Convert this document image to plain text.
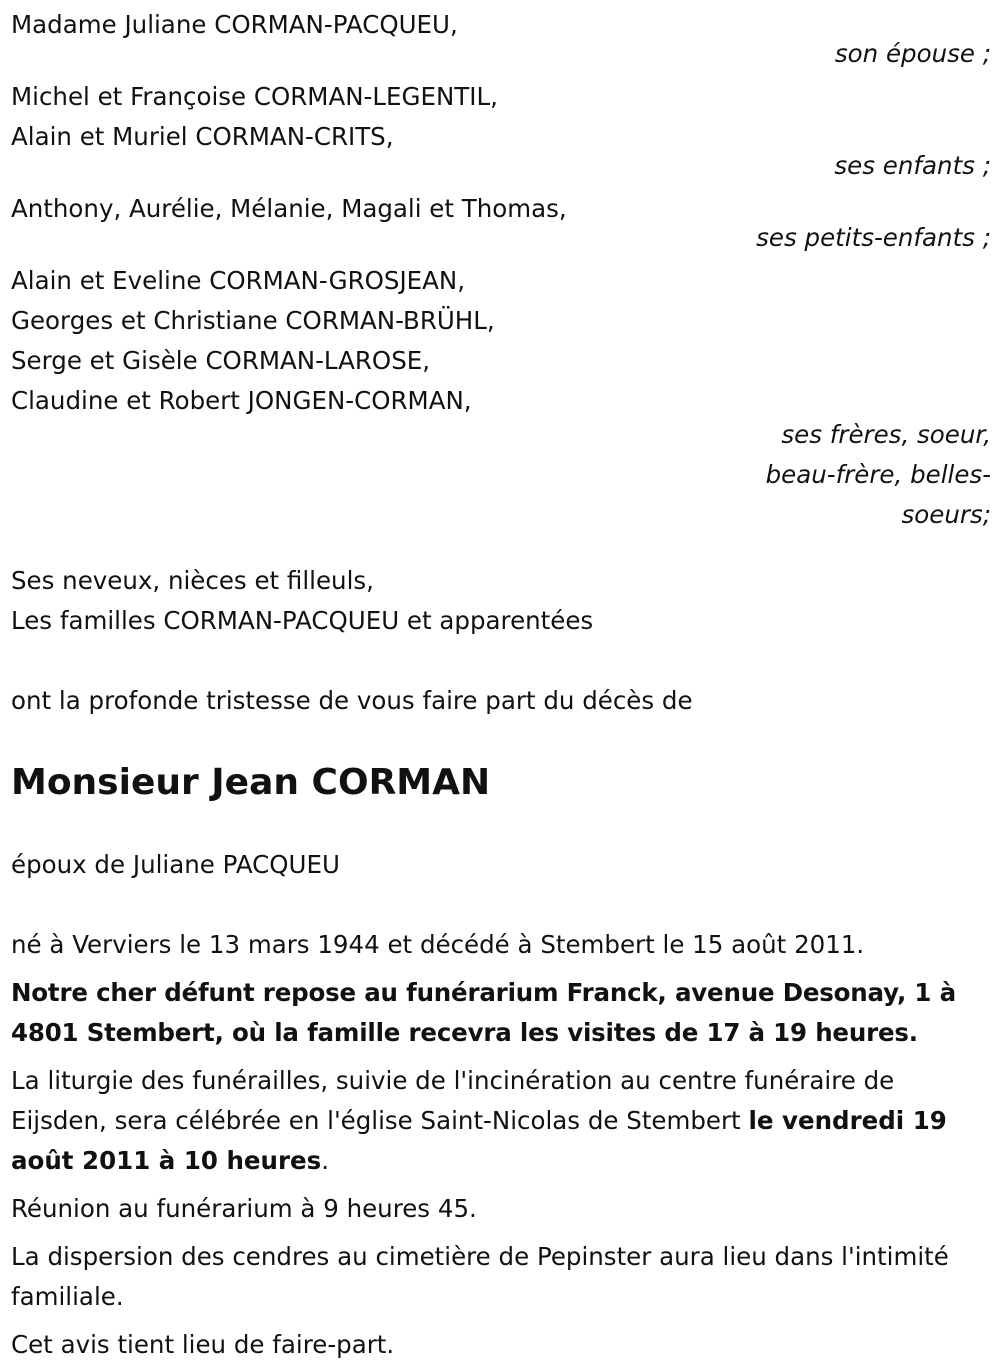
Madame Juliane CORMAN-PACQUEU,
son épouse ;
Michel et Françoise CORMAN-LEGENTIL,
Alain et Muriel CORMAN-CRITS,
ses enfants ;
Anthony, Aurélie, Mélanie, Magali et Thomas,
ses petits-enfants ;
Alain et Eveline CORMAN-GROSJEAN,
Georges et Christiane CORMAN-BRÜHL,
Serge et Gisèle CORMAN-LAROSE,
Claudine et Robert JONGEN-CORMAN,
ses frères, soeur,
beau-frère, belles-
soeurs;
Ses neveux, nièces et filleuls,
Les familles CORMAN-PACQUEU et apparentées
ont la profonde tristesse de vous faire part du décès de
Monsieur Jean CORMAN
époux de Juliane PACQUEU

né à Verviers le 13 mars 1944 et décédé à Stembert le 15 août 2011.

Notre cher défunt repose au funérarium Franck, avenue Desonay, 1 à 4801 Stembert, où la famille recevra les visites de 17 à 19 heures.

La liturgie des funérailles, suivie de l'incinération au centre funéraire de Eijsden, sera célébrée en l'église Saint-Nicolas de Stembert le vendredi 19 août 2011 à 10 heures.

Réunion au funérarium à 9 heures 45.

La dispersion des cendres au cimetière de Pepinster aura lieu dans l'intimité familiale.

Cet avis tient lieu de faire-part.
